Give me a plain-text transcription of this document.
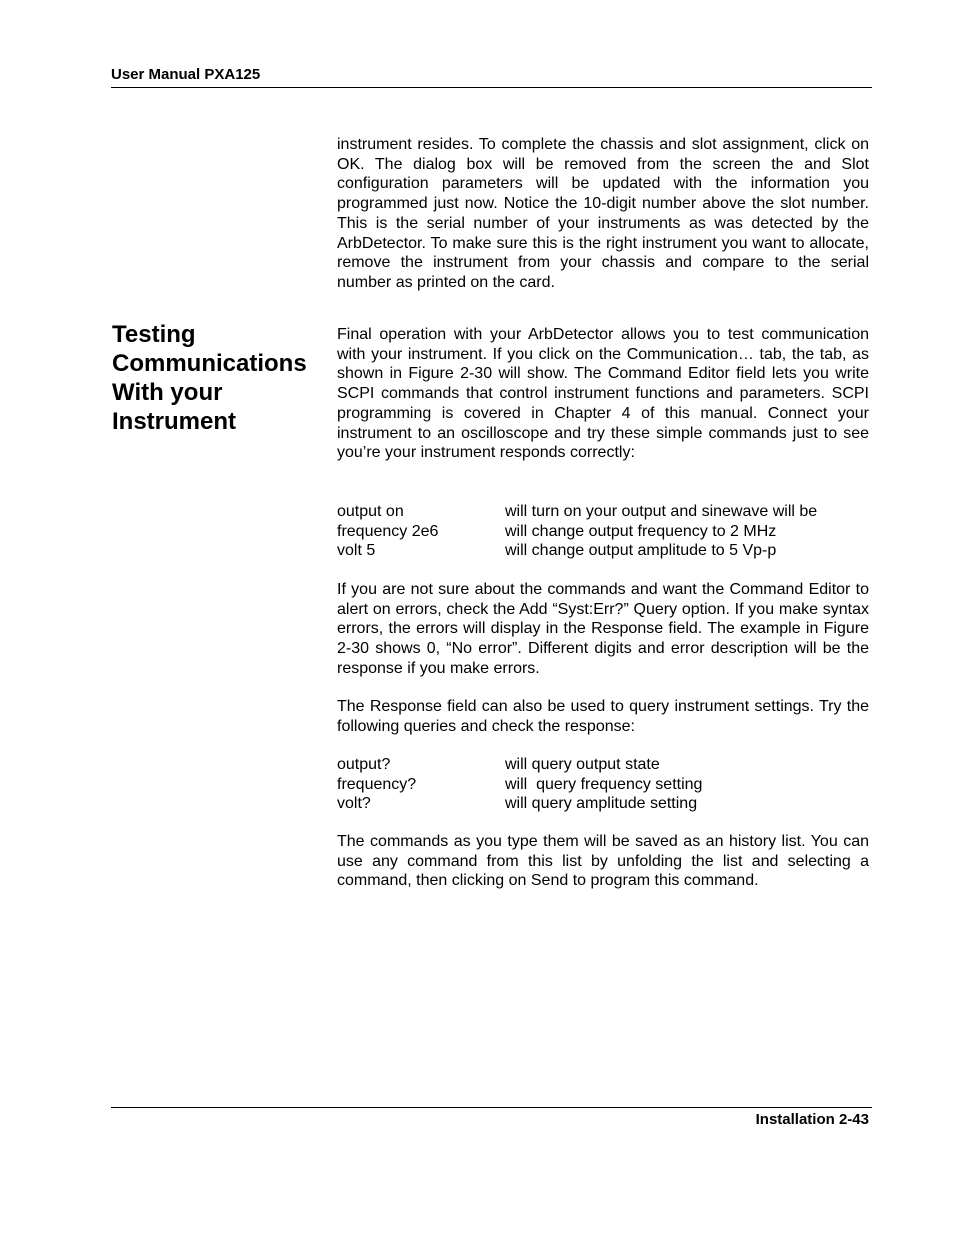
User Manual PXA125
instrument resides. To complete the chassis and slot assignment, click on OK. The dialog box will be removed from the screen the and Slot configuration parameters will be updated with the information you programmed just now. Notice the 10-digit number above the slot number. This is the serial number of your instruments as was detected by the ArbDetector. To make sure this is the right instrument you want to allocate, remove the instrument from your chassis and compare to the serial number as printed on the card.
Testing Communications With your Instrument
Final operation with your ArbDetector allows you to test communication with your instrument. If you click on the Communication… tab, the tab, as shown in Figure 2-30 will show. The Command Editor field lets you write SCPI commands that control instrument functions and parameters. SCPI programming is covered in Chapter 4 of this manual. Connect your instrument to an oscilloscope and try these simple commands just to see you’re your instrument responds correctly:
output on	will turn on your output and sinewave will be
frequency 2e6	will change output frequency to 2 MHz
volt 5	will change output amplitude to 5 Vp-p
If you are not sure about the commands and want the Command Editor to alert on errors, check the Add “Syst:Err?” Query option. If you make syntax errors, the errors will display in the Response field. The example in Figure 2-30 shows 0, “No error”. Different digits and error description will be the response if you make errors.
The Response field can also be used to query instrument settings. Try the following queries and check the response:
output?	will query output state
frequency?	will  query frequency setting
volt?	will query amplitude setting
The commands as you type them will be saved as an history list. You can use any command from this list by unfolding the list and selecting a command, then clicking on Send to program this command.
Installation 2-43
